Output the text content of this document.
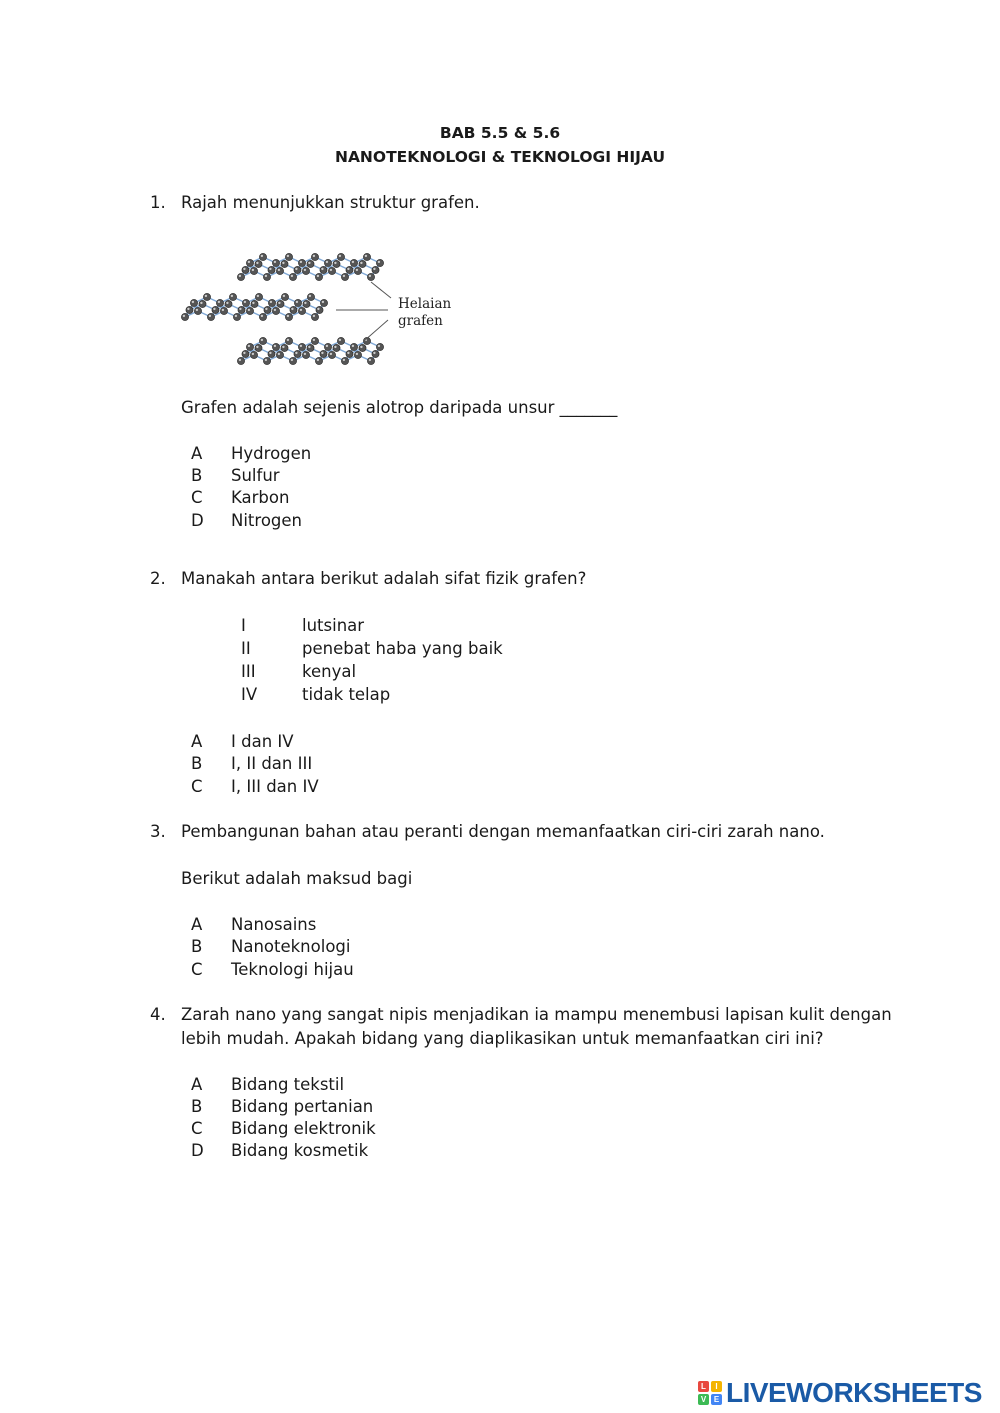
BAB 5.5 & 5.6
NANOTEKNOLOGI & TEKNOLOGI HIJAU
1. Rajah menunjukkan struktur grafen.
Helaian
grafen
Grafen adalah sejenis alotrop daripada unsur _______
A Hydrogen
B Sulfur
C Karbon
D Nitrogen
2. Manakah antara berikut adalah sifat fizik grafen?
I	lutsinar
II	penebat haba yang baik
III	kenyal
IV	tidak telap
A I dan IV
B I, II dan III
C I, III dan IV
3. Pembangunan bahan atau peranti dengan memanfaatkan ciri-ciri zarah nano.
Berikut adalah maksud bagi
A Nanosains
B Nanoteknologi
C Teknologi hijau
4. Zarah nano yang sangat nipis menjadikan ia mampu menembusi lapisan kulit dengan
lebih mudah. Apakah bidang yang diaplikasikan untuk memanfaatkan ciri ini?
A Bidang tekstil
B Bidang pertanian
C Bidang elektronik
D Bidang kosmetik
L	I
V E LIVEWORKSHEETS
